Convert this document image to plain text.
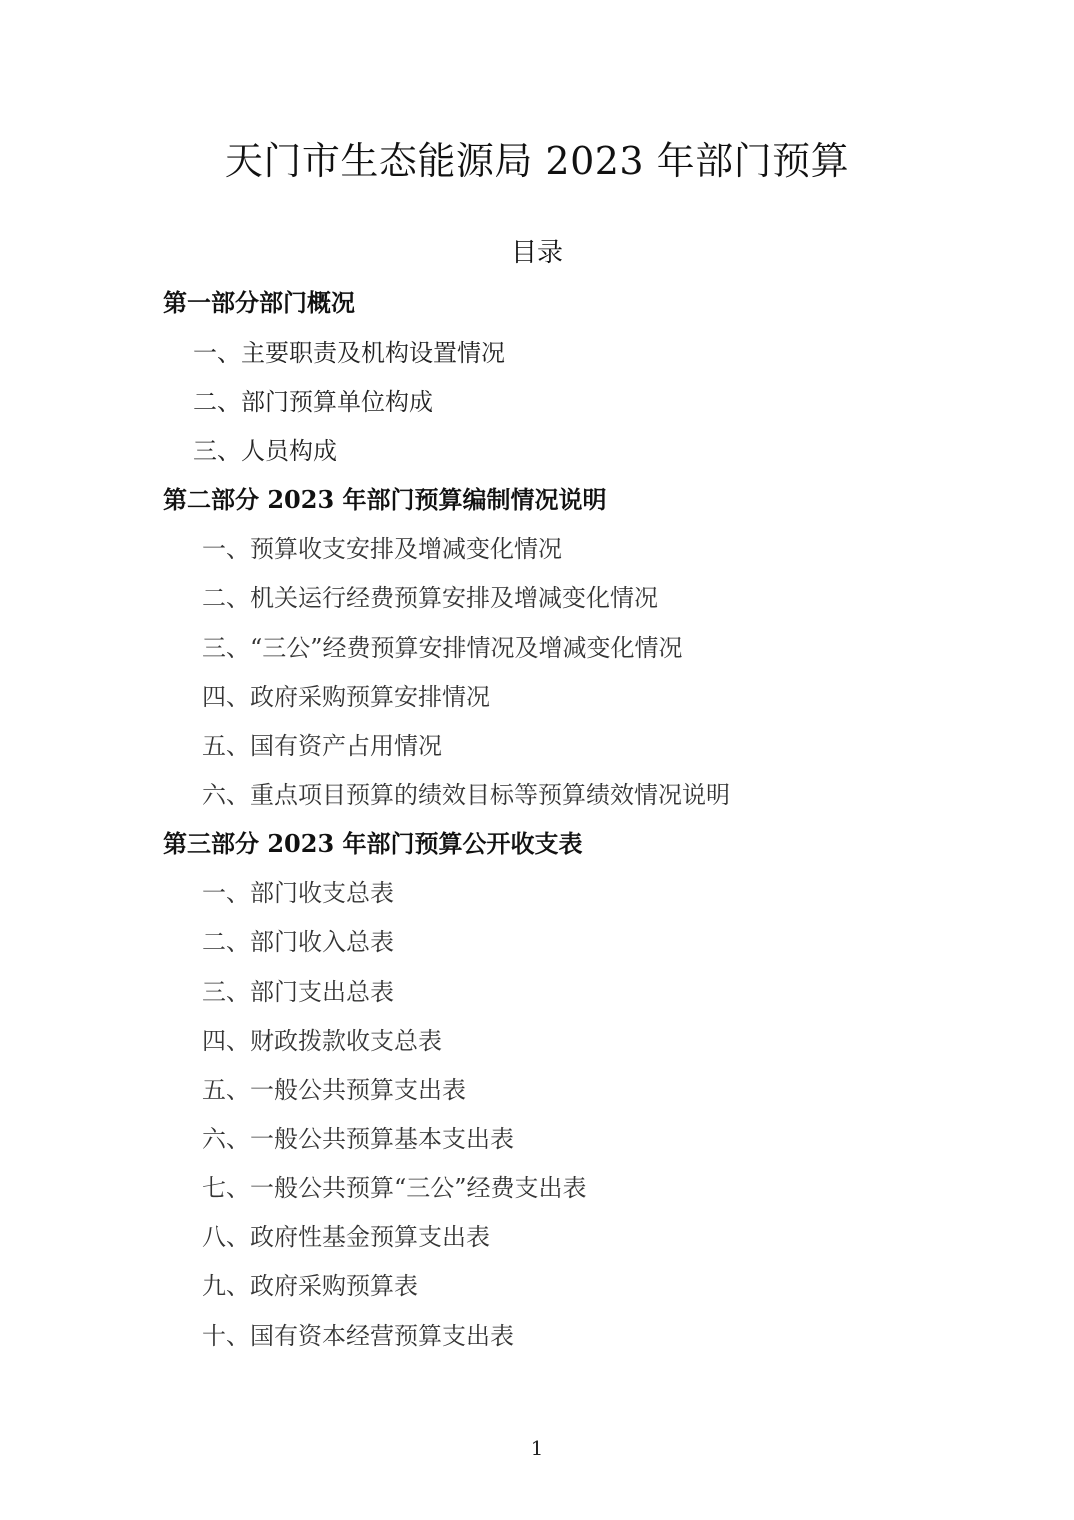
天门市生态能源局 2023 年部门预算
目录
第一部分部门概况
一、主要职责及机构设置情况
二、部门预算单位构成
三、人员构成
第二部分 2023 年部门预算编制情况说明
一、预算收支安排及增减变化情况
二、机关运行经费预算安排及增减变化情况
三、“三公”经费预算安排情况及增减变化情况
四、政府采购预算安排情况
五、国有资产占用情况
六、重点项目预算的绩效目标等预算绩效情况说明
第三部分 2023 年部门预算公开收支表
一、部门收支总表
二、部门收入总表
三、部门支出总表
四、财政拨款收支总表
五、一般公共预算支出表
六、一般公共预算基本支出表
七、一般公共预算“三公”经费支出表
八、政府性基金预算支出表
九、政府采购预算表
十、国有资本经营预算支出表
1
